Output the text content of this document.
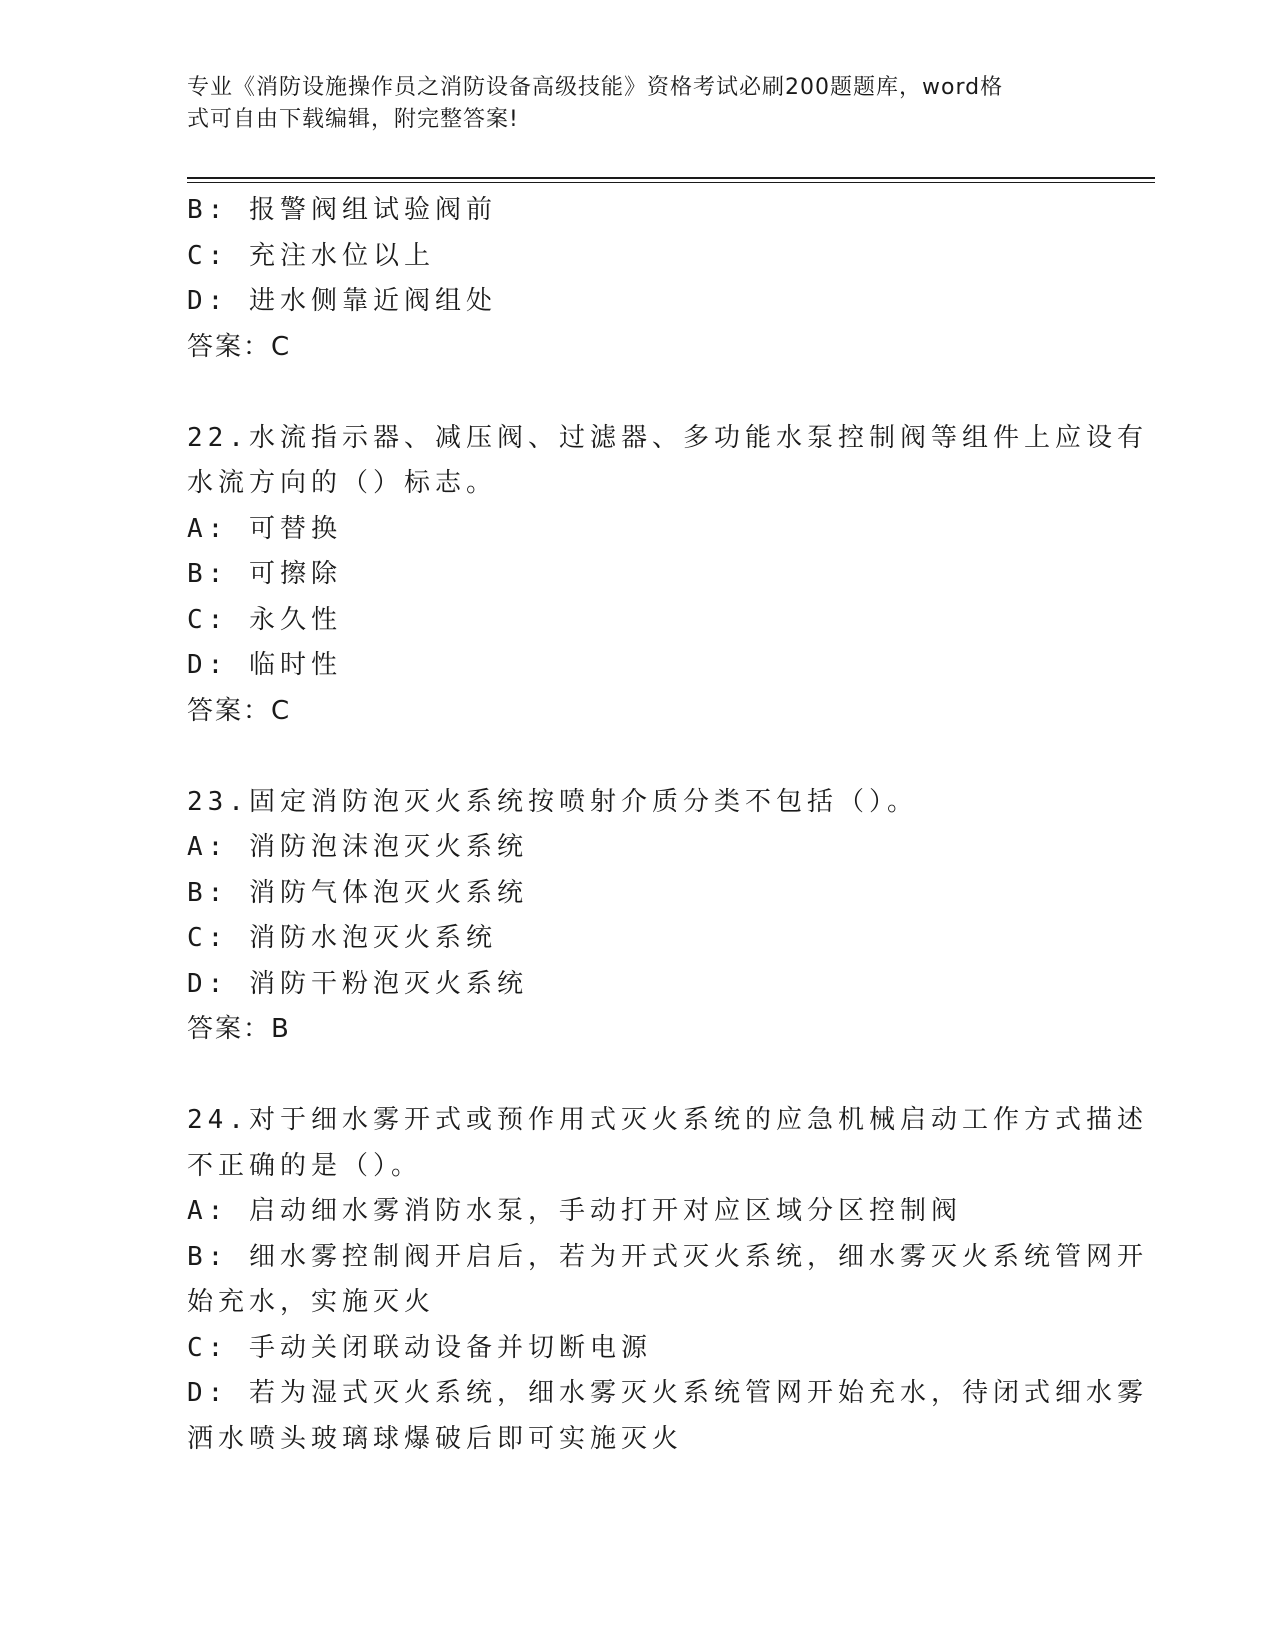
专业《消防设施操作员之消防设备高级技能》资格考试必刷200题题库，word格
式可自由下载编辑，附完整答案!
B: 报警阀组试验阀前
C: 充注水位以上
D: 进水侧靠近阀组处
答案：C
22.水流指示器、减压阀、过滤器、多功能水泵控制阀等组件上应设有
水流方向的（）标志。
A: 可替换
B: 可擦除
C: 永久性
D: 临时性
答案：C
23.固定消防泡灭火系统按喷射介质分类不包括（）。
A: 消防泡沫泡灭火系统
B: 消防气体泡灭火系统
C: 消防水泡灭火系统
D: 消防干粉泡灭火系统
答案：B
24.对于细水雾开式或预作用式灭火系统的应急机械启动工作方式描述
不正确的是（）。
A: 启动细水雾消防水泵，手动打开对应区域分区控制阀
B: 细水雾控制阀开启后，若为开式灭火系统，细水雾灭火系统管网开
始充水，实施灭火
C: 手动关闭联动设备并切断电源
D: 若为湿式灭火系统，细水雾灭火系统管网开始充水，待闭式细水雾
洒水喷头玻璃球爆破后即可实施灭火
